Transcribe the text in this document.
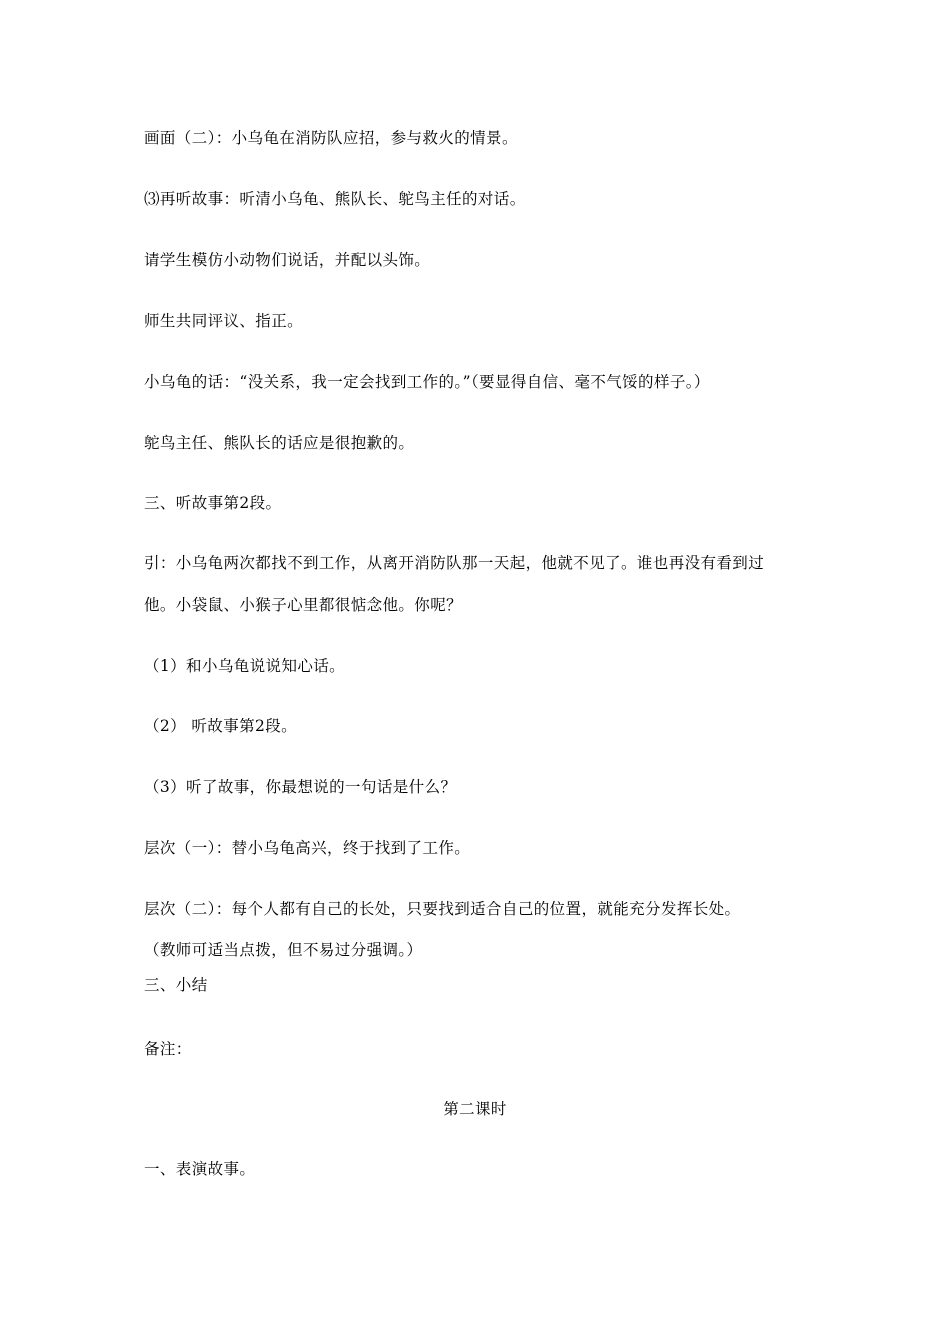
画面（二）：小乌龟在消防队应招，参与救火的情景。
⑶再听故事：听清小乌龟、熊队长、鸵鸟主任的对话。
请学生模仿小动物们说话，并配以头饰。
师生共同评议、指正。
小乌龟的话：“没关系，我一定会找到工作的。”（要显得自信、毫不气馁的样子。）
鸵鸟主任、熊队长的话应是很抱歉的。
三、听故事第2段。
引：小乌龟两次都找不到工作，从离开消防队那一天起，他就不见了。谁也再没有看到过
他。小袋鼠、小猴子心里都很惦念他。你呢？
（1）和小乌龟说说知心话。
（2） 听故事第2段。
（3）听了故事，你最想说的一句话是什么？
层次（一）：替小乌龟高兴，终于找到了工作。
层次（二）：每个人都有自己的长处，只要找到适合自己的位置，就能充分发挥长处。
（教师可适当点拨，但不易过分强调。）
三、小结
备注：
第二课时
一、表演故事。
